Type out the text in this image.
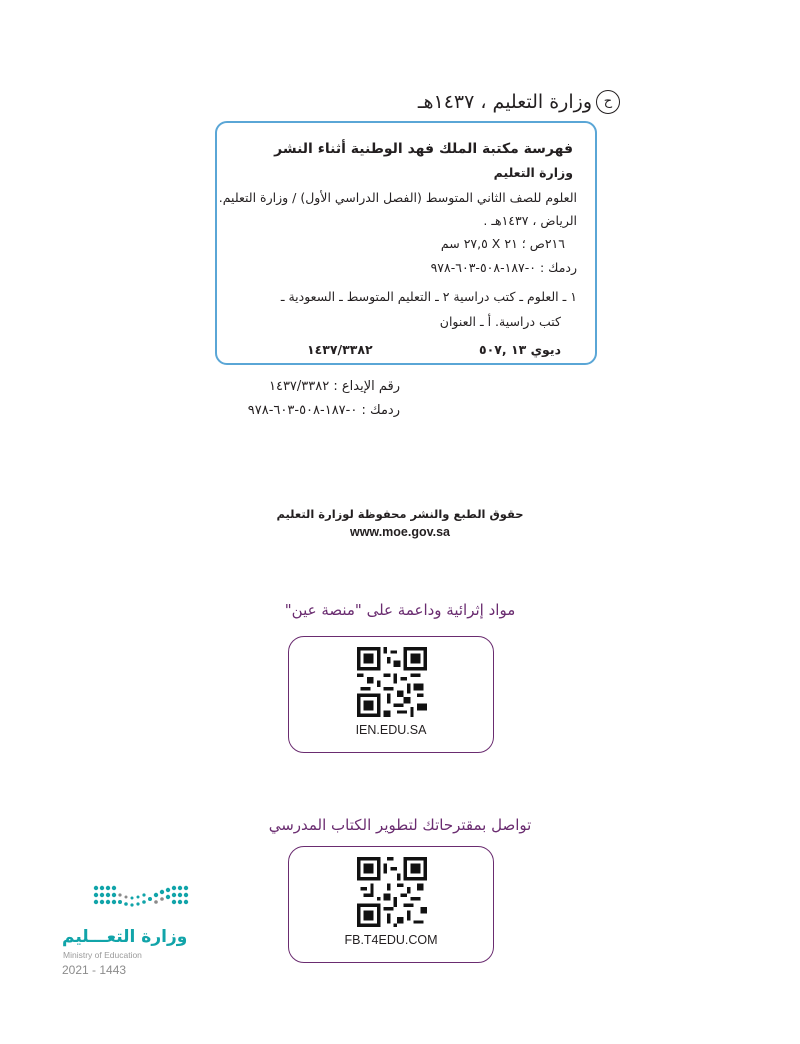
ح
وزارة التعليم ، ١٤٣٧هـ
فهرسة مكتبة الملك فهد الوطنية أثناء النشر
وزارة التعليم
العلوم للصف الثاني المتوسط (الفصل الدراسي الأول) / وزارة التعليم.
الرياض ، ١٤٣٧هـ .
٢١٦ص ؛ ٢١ X ٢٧,٥ سم
ردمك : ٠-١٨٧-٥٠٨-٦٠٣-٩٧٨
١ ـ العلوم ـ كتب دراسية ٢ ـ التعليم المتوسط ـ السعودية ـ
كتب دراسية. أ ـ العنوان
١٤٣٧/٣٣٨٢	ديوي ١٣ ,٥٠٧
رقم الإيداع : ١٤٣٧/٣٣٨٢
ردمك : ٠-١٨٧-٥٠٨-٦٠٣-٩٧٨
حقوق الطبع والنشر محفوظة لوزارة التعليم
www.moe.gov.sa
مواد إثرائية وداعمة على "منصة عين"
IEN.EDU.SA
تواصل بمقترحاتك لتطوير الكتاب المدرسي
FB.T4EDU.COM
وزارة التعـــليم
Ministry of Education
2021 - 1443
